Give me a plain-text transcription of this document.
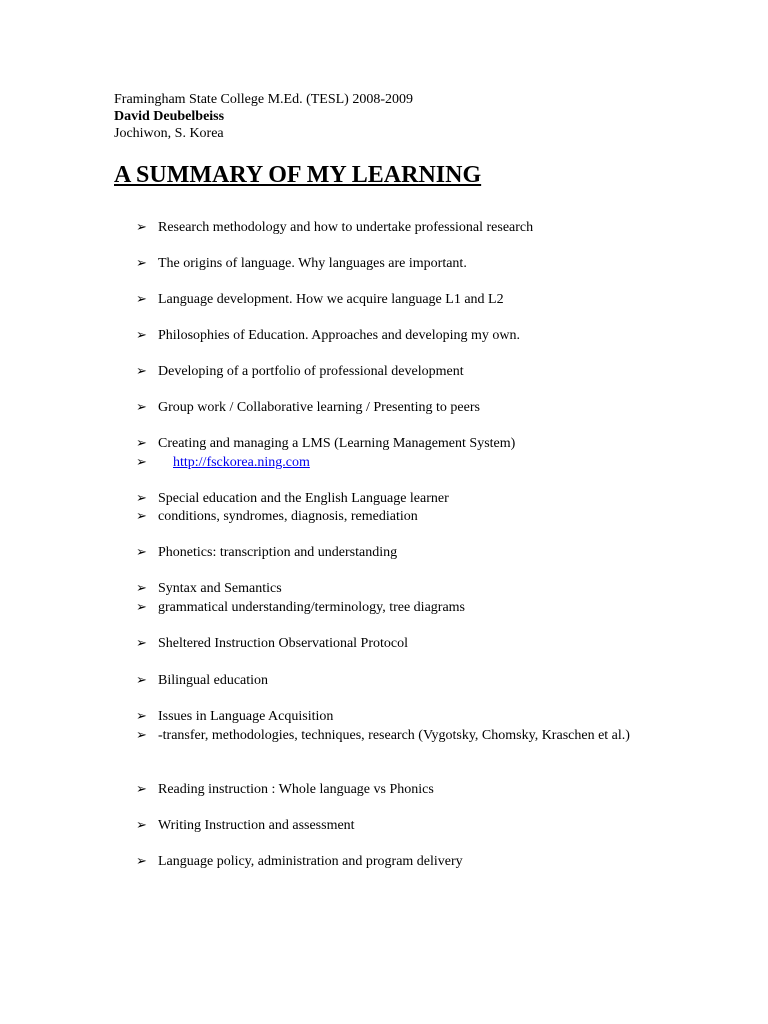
Framingham State College M.Ed. (TESL) 2008-2009
David Deubelbeiss
Jochiwon, S. Korea
A SUMMARY OF MY LEARNING
➢ Research methodology and how to undertake professional research
➢ The origins of language. Why languages are important.
➢ Language development. How we acquire language L1 and L2
➢ Philosophies of Education. Approaches and developing my own.
➢ Developing of a portfolio of professional development
➢ Group work / Collaborative learning / Presenting to peers
➢ Creating and managing a LMS (Learning Management System)
➢ http://fsckorea.ning.com
➢ Special education and the English Language learner
➢ conditions, syndromes, diagnosis, remediation
➢ Phonetics: transcription and understanding
➢ Syntax and Semantics
➢ grammatical understanding/terminology, tree diagrams
➢ Sheltered Instruction Observational Protocol
➢ Bilingual education
➢ Issues in Language Acquisition
➢ -transfer, methodologies, techniques, research (Vygotsky, Chomsky, Kraschen et al.)
➢ Reading instruction : Whole language vs Phonics
➢ Writing Instruction and assessment
➢ Language policy, administration and program delivery
